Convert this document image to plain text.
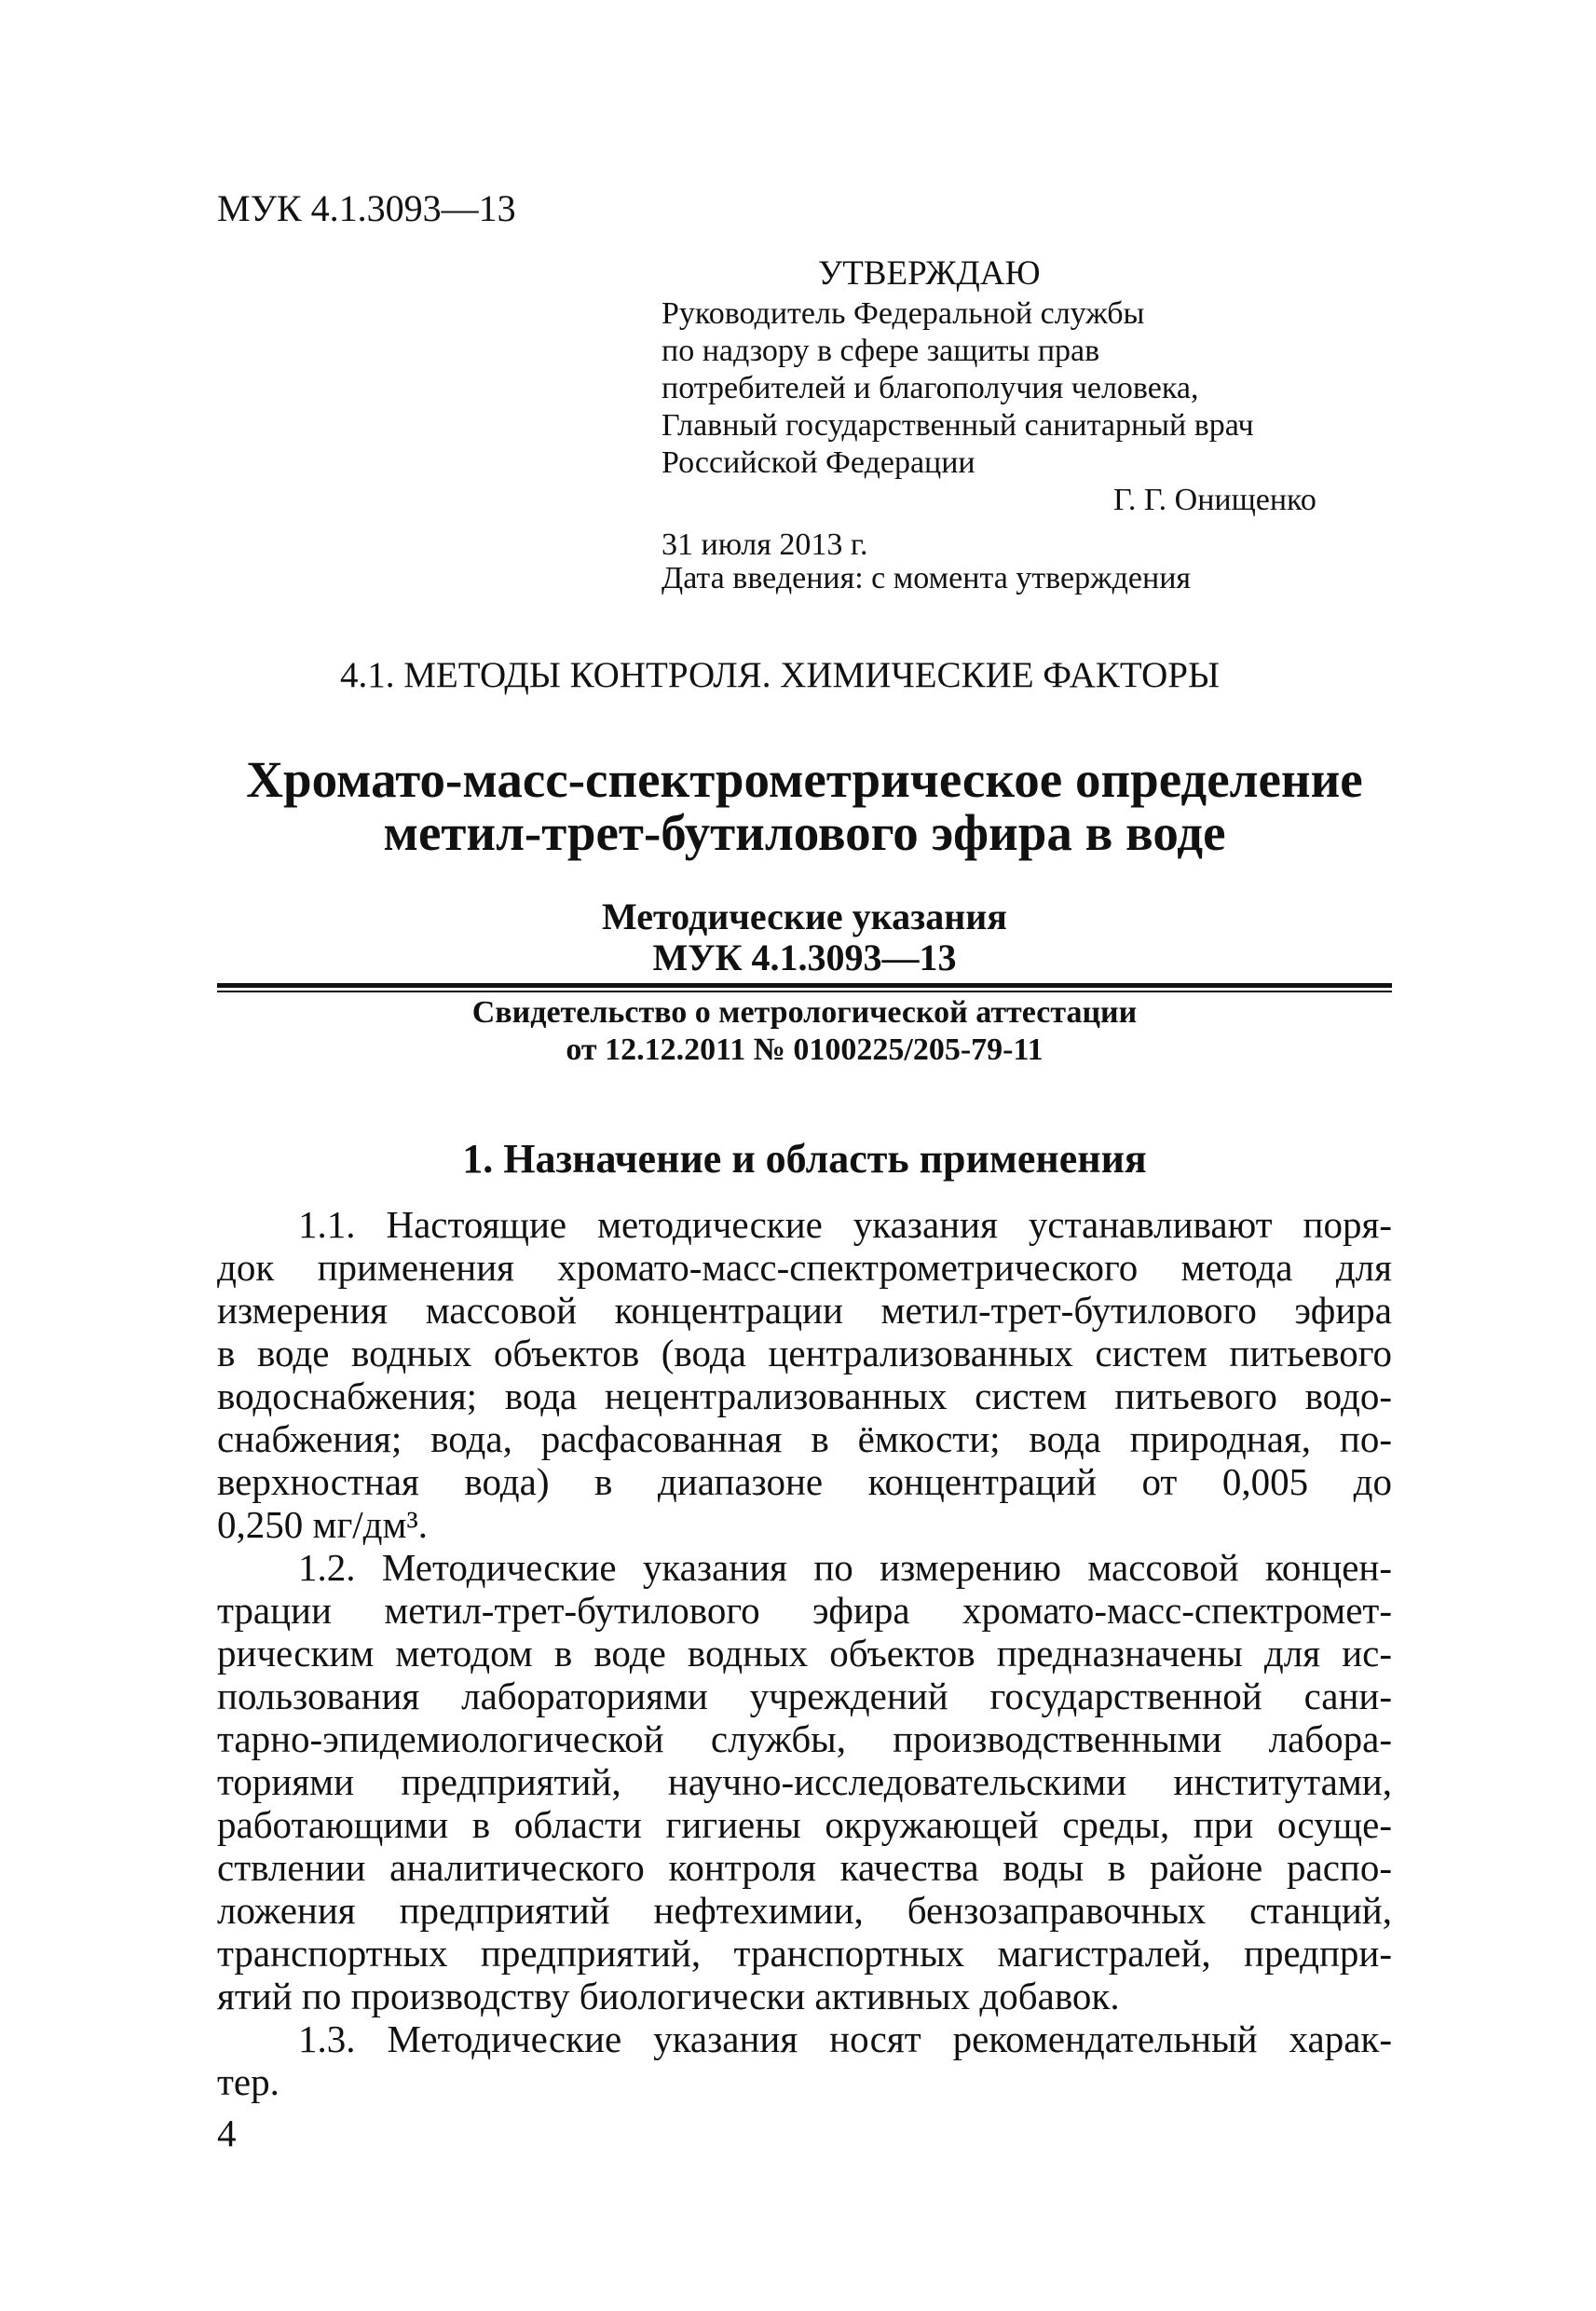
МУК 4.1.3093—13
УТВЕРЖДАЮ
Руководитель Федеральной службы
по надзору в сфере защиты прав
потребителей и благополучия человека,
Главный государственный санитарный врач
Российской Федерации
Г. Г. Онищенко
31 июля 2013 г.
Дата введения: с момента утверждения
4.1. МЕТОДЫ КОНТРОЛЯ. ХИМИЧЕСКИЕ ФАКТОРЫ
Хромато-масс-спектрометрическое определение
метил-трет-бутилового эфира в воде
Методические указания
МУК 4.1.3093—13
Свидетельство о метрологической аттестации
от 12.12.2011 № 0100225/205-79-11
1. Назначение и область применения
1.1. Настоящие методические указания устанавливают поря-
док применения хромато-масс-спектрометрического метода для
измерения массовой концентрации метил-трет-бутилового эфира
в воде водных объектов (вода централизованных систем питьевого
водоснабжения; вода нецентрализованных систем питьевого водо-
снабжения; вода, расфасованная в ёмкости; вода природная, по-
верхностная вода) в диапазоне концентраций от 0,005 до
0,250 мг/дм³.
1.2. Методические указания по измерению массовой концен-
трации метил-трет-бутилового эфира хромато-масс-спектромет-
рическим методом в воде водных объектов предназначены для ис-
пользования лабораториями учреждений государственной сани-
тарно-эпидемиологической службы, производственными лабора-
ториями предприятий, научно-исследовательскими институтами,
работающими в области гигиены окружающей среды, при осуще-
ствлении аналитического контроля качества воды в районе распо-
ложения предприятий нефтехимии, бензозаправочных станций,
транспортных предприятий, транспортных магистралей, предпри-
ятий по производству биологически активных добавок.
1.3. Методические указания носят рекомендательный харак-
тер.
4
